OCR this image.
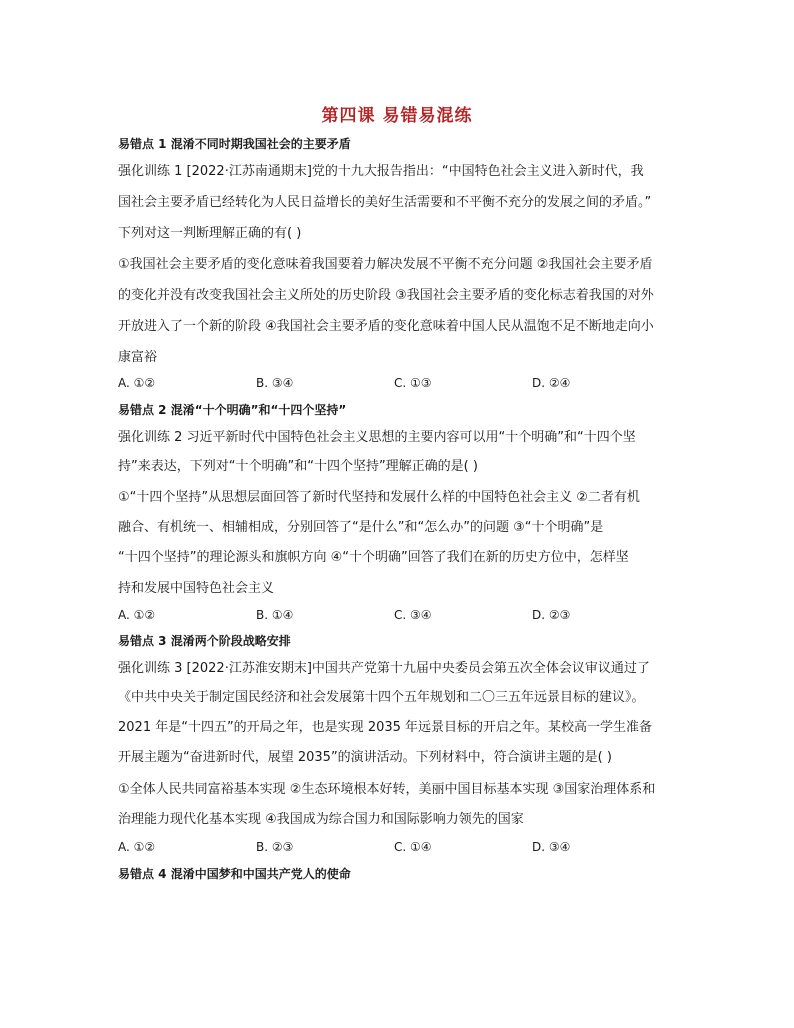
第四课 易错易混练
易错点 1 混淆不同时期我国社会的主要矛盾
强化训练 1 [2022·江苏南通期末]党的十九大报告指出：“中国特色社会主义进入新时代，我
国社会主要矛盾已经转化为人民日益增长的美好生活需要和不平衡不充分的发展之间的矛盾。”
下列对这一判断理解正确的有( )
①我国社会主要矛盾的变化意味着我国要着力解决发展不平衡不充分问题 ②我国社会主要矛盾
的变化并没有改变我国社会主义所处的历史阶段 ③我国社会主要矛盾的变化标志着我国的对外
开放进入了一个新的阶段 ④我国社会主要矛盾的变化意味着中国人民从温饱不足不断地走向小
康富裕
A. ①②	B. ③④	C. ①③	D. ②④
易错点 2 混淆“十个明确”和“十四个坚持”
强化训练 2 习近平新时代中国特色社会主义思想的主要内容可以用“十个明确”和“十四个坚
持”来表达，下列对“十个明确”和“十四个坚持”理解正确的是( )
①“十四个坚持”从思想层面回答了新时代坚持和发展什么样的中国特色社会主义 ②二者有机
融合、有机统一、相辅相成，分别回答了“是什么”和“怎么办”的问题 ③“十个明确”是
“十四个坚持”的理论源头和旗帜方向 ④“十个明确”回答了我们在新的历史方位中，怎样坚
持和发展中国特色社会主义
A. ①②	B. ①④	C. ③④	D. ②③
易错点 3 混淆两个阶段战略安排
强化训练 3 [2022·江苏淮安期末]中国共产党第十九届中央委员会第五次全体会议审议通过了
《中共中央关于制定国民经济和社会发展第十四个五年规划和二〇三五年远景目标的建议》。
2021 年是“十四五”的开局之年，也是实现 2035 年远景目标的开启之年。某校高一学生准备
开展主题为“奋进新时代，展望 2035”的演讲活动。下列材料中，符合演讲主题的是( )
①全体人民共同富裕基本实现 ②生态环境根本好转，美丽中国目标基本实现 ③国家治理体系和
治理能力现代化基本实现 ④我国成为综合国力和国际影响力领先的国家
A. ①②	B. ②③	C. ①④	D. ③④
易错点 4 混淆中国梦和中国共产党人的使命
